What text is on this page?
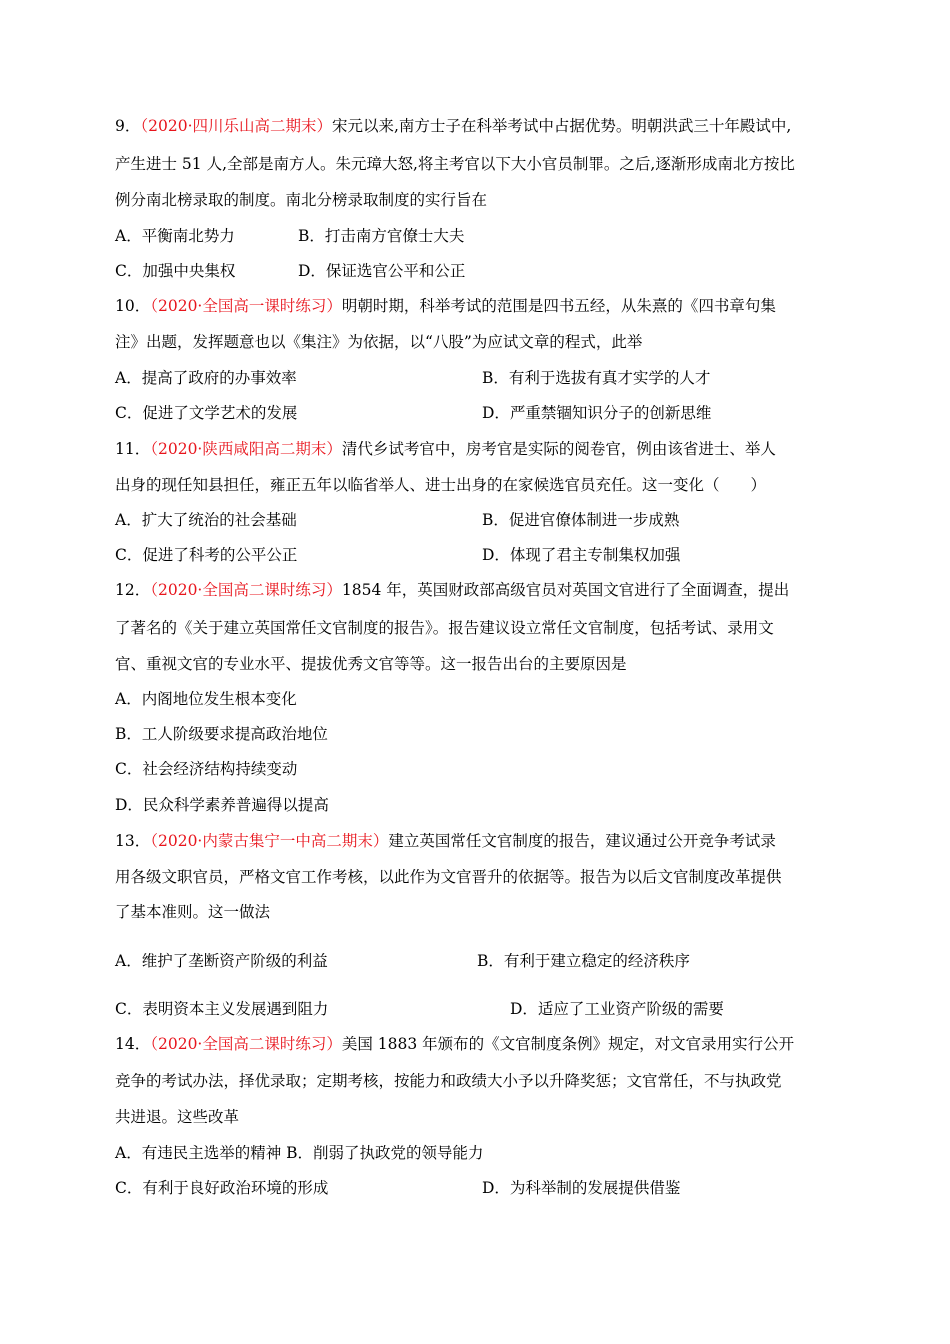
9．（2020·四川乐山高二期末）宋元以来,南方士子在科举考试中占据优势。明朝洪武三十年殿试中,
产生进士 51 人,全部是南方人。朱元璋大怒,将主考官以下大小官员制罪。之后,逐渐形成南北方按比
例分南北榜录取的制度。南北分榜录取制度的实行旨在
A．平衡南北势力	B．打击南方官僚士大夫
C．加强中央集权	D．保证选官公平和公正
10．（2020·全国高一课时练习）明朝时期，科举考试的范围是四书五经，从朱熹的《四书章句集
注》出题，发挥题意也以《集注》为依据，以“八股”为应试文章的程式，此举
A．提高了政府的办事效率	B．有利于选拔有真才实学的人才
C．促进了文学艺术的发展	D．严重禁锢知识分子的创新思维
11．（2020·陕西咸阳高二期末）清代乡试考官中，房考官是实际的阅卷官，例由该省进士、举人
出身的现任知县担任，雍正五年以临省举人、进士出身的在家候选官员充任。这一变化（　　）
A．扩大了统治的社会基础	B．促进官僚体制进一步成熟
C．促进了科考的公平公正	D．体现了君主专制集权加强
12．（2020·全国高二课时练习）1854 年，英国财政部高级官员对英国文官进行了全面调查，提出
了著名的《关于建立英国常任文官制度的报告》。报告建议设立常任文官制度，包括考试、录用文
官、重视文官的专业水平、提拔优秀文官等等。这一报告出台的主要原因是
A．内阁地位发生根本变化
B．工人阶级要求提高政治地位
C．社会经济结构持续变动
D．民众科学素养普遍得以提高
13．（2020·内蒙古集宁一中高二期末）建立英国常任文官制度的报告，建议通过公开竞争考试录
用各级文职官员，严格文官工作考核，以此作为文官晋升的依据等。报告为以后文官制度改革提供
了基本准则。这一做法
A．维护了垄断资产阶级的利益	B．有利于建立稳定的经济秩序
C．表明资本主义发展遇到阻力	D．适应了工业资产阶级的需要
14．（2020·全国高二课时练习）美国 1883 年颁布的《文官制度条例》规定，对文官录用实行公开
竞争的考试办法，择优录取；定期考核，按能力和政绩大小予以升降奖惩；文官常任，不与执政党
共进退。这些改革
A．有违民主选举的精神 B．削弱了执政党的领导能力
C．有利于良好政治环境的形成	D．为科举制的发展提供借鉴
